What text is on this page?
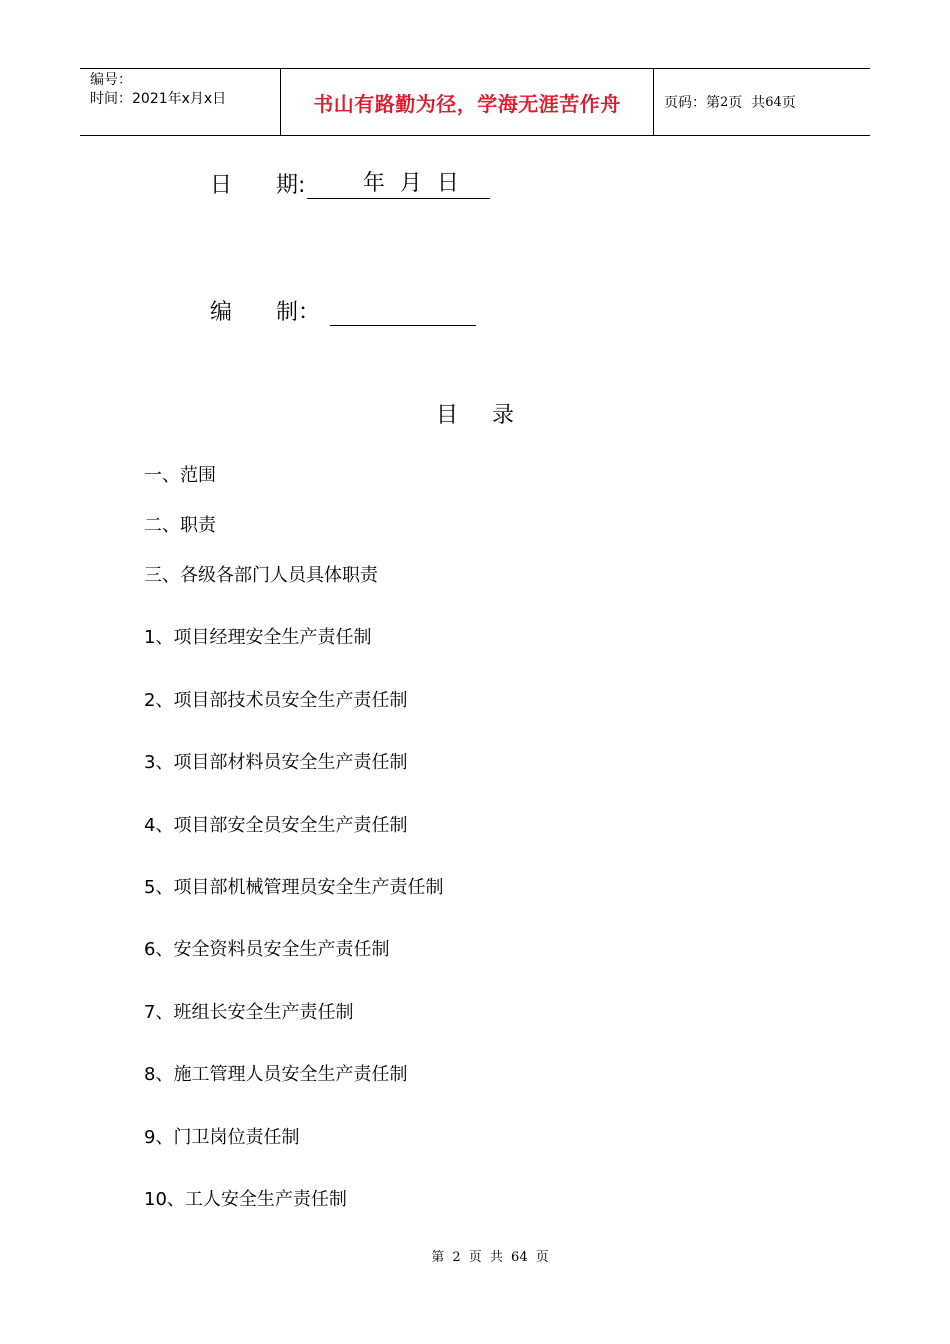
编号：
时间：2021年x月x日	书山有路勤为径，学海无涯苦作舟	页码：第 2 页  共 64 页
日	期:	年 月 日
编	制：
目 录
一、范围
二、职责
三、各级各部门人员具体职责
1、项目经理安全生产责任制
2、项目部技术员安全生产责任制
3、项目部材料员安全生产责任制
4、项目部安全员安全生产责任制
5、项目部机械管理员安全生产责任制
6、安全资料员安全生产责任制
7、班组长安全生产责任制
8、施工管理人员安全生产责任制
9、门卫岗位责任制
10、工人安全生产责任制
第 2 页 共 64 页
